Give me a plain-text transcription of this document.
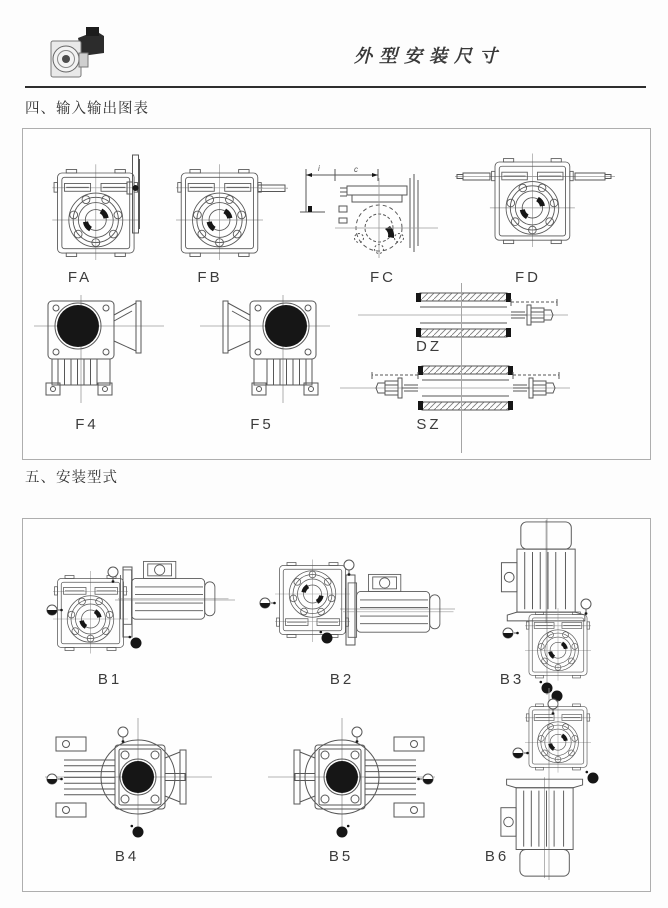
外型安装尺寸
四、输入输出图表
FA	FB
i	c
FC	FD
F4	F5
DZ
SZ
五、安装型式
B1	B2	B3
B4	B5	B6
